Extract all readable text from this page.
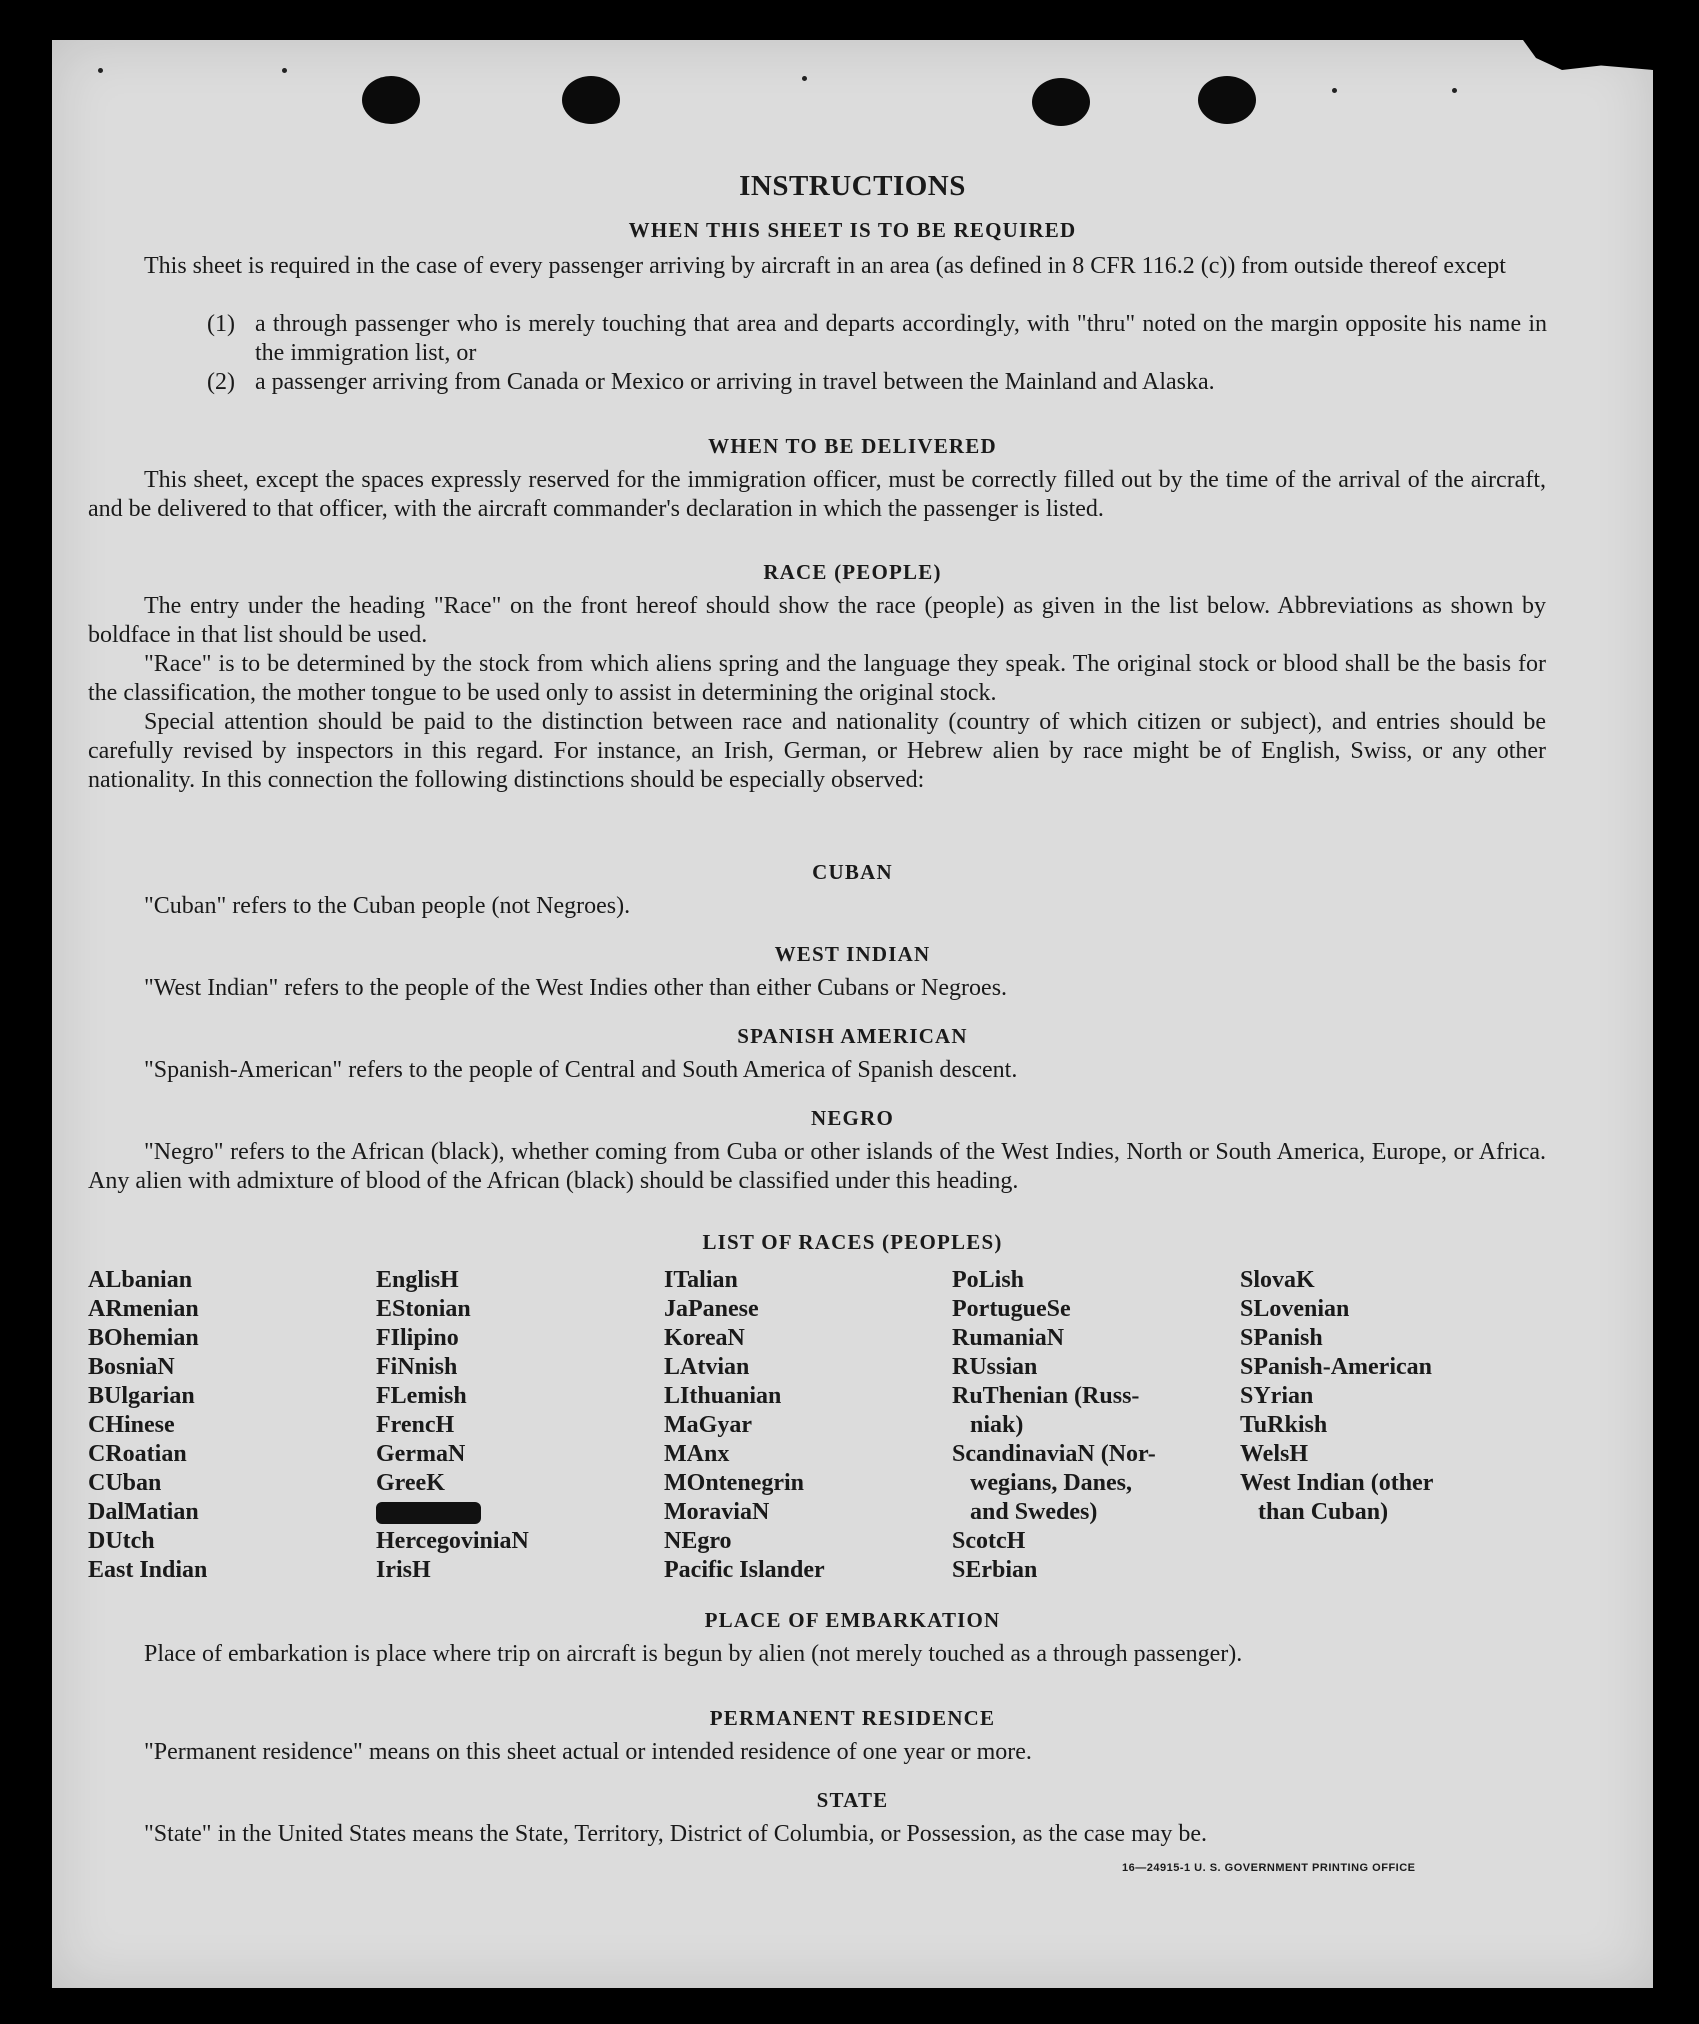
INSTRUCTIONS
WHEN THIS SHEET IS TO BE REQUIRED

This sheet is required in the case of every passenger arriving by aircraft in an area (as defined in 8 CFR 116.2 (c)) from outside thereof except

(1) a through passenger who is merely touching that area and departs accordingly, with "thru" noted on the margin opposite his name in the immigration list, or
(2) a passenger arriving from Canada or Mexico or arriving in travel between the Mainland and Alaska.
WHEN TO BE DELIVERED

This sheet, except the spaces expressly reserved for the immigration officer, must be correctly filled out by the time of the arrival of the aircraft, and be delivered to that officer, with the aircraft commander's declaration in which the passenger is listed.

RACE (PEOPLE)

The entry under the heading "Race" on the front hereof should show the race (people) as given in the list below. Abbreviations as shown by boldface in that list should be used.

"Race" is to be determined by the stock from which aliens spring and the language they speak. The original stock or blood shall be the basis for the classification, the mother tongue to be used only to assist in determining the original stock.

Special attention should be paid to the distinction between race and nationality (country of which citizen or subject), and entries should be carefully revised by inspectors in this regard. For instance, an Irish, German, or Hebrew alien by race might be of English, Swiss, or any other nationality. In this connection the following distinctions should be especially observed:

CUBAN
"Cuban" refers to the Cuban people (not Negroes).
WEST INDIAN
"West Indian" refers to the people of the West Indies other than either Cubans or Negroes.
SPANISH AMERICAN
"Spanish-American" refers to the people of Central and South America of Spanish descent.
NEGRO

"Negro" refers to the African (black), whether coming from Cuba or other islands of the West Indies, North or South America, Europe, or Africa. Any alien with admixture of blood of the African (black) should be classified under this heading.

LIST OF RACES (PEOPLES)
ALbanian
ARmenian
BOhemian
BosniaN
BUlgarian
CHinese
CRoatian
CUban
DalMatian
DUtch
East Indian
EnglisH
EStonian
FIlipino
FiNnish
FLemish
FrencH
GermaN
GreeK
HercegoviniaN
IrisH
ITalian
JaPanese
KoreaN
LAtvian
LIthuanian
MaGyar
MAnx
MOntenegrin
MoraviaN
NEgro
Pacific Islander
PoLish
PortugueSe
RumaniaN
RUssian
RuThenian (Russ-
niak)
ScandinaviaN (Nor-
wegians, Danes,
and Swedes)
ScotcH
SErbian
SlovaK
SLovenian
SPanish
SPanish-American
SYrian
TuRkish
WelsH
West Indian (other
than Cuban)
PLACE OF EMBARKATION

Place of embarkation is place where trip on aircraft is begun by alien (not merely touched as a through passenger).

PERMANENT RESIDENCE
"Permanent residence" means on this sheet actual or intended residence of one year or more.
STATE

"State" in the United States means the State, Territory, District of Columbia, or Possession, as the case may be.

16—24915-1 U. S. GOVERNMENT PRINTING OFFICE
